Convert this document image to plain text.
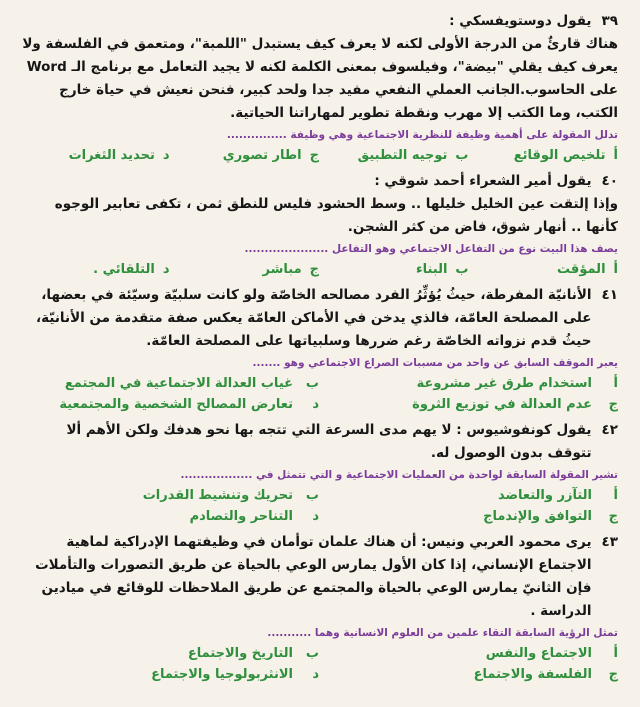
٣٩
يقول دوستويفسكي :
هناك قارئٌ من الدرجة الأولى لكنه لا يعرف كيف يستبدل "اللمبة"، ومتعمق في الفلسفة ولا يعرف كيف يقلي "بيضة"، وفيلسوف بمعنى الكلمة لكنه لا يجيد التعامل مع برنامج الـ Word على الحاسوب.الجانب العملي النفعي مفيد جدا ولحد كبير، فنحن نعيش في حياة خارج الكتب، وما الكتب إلا مهرب ونقطة تطوير لمهاراتنا الحياتية.
تدلل المقولة على أهمية وظيفة للنظرية الاجتماعية وهي وظيفة ...............
أ
تلخيص الوقائع
ب
توجيه التطبيق
ج
اطار تصوري
د
تحديد الثغرات
٤٠
يقول أمير الشعراء أحمد شوقي :
وإذا إلتقت عين الخليل خليلها .. وسط الحشود فليس للنطق ثمن ، تكفى تعابير الوجوه كأنها .. أنهار شوق، فاض من كثر الشجن.
يصف هذا البيت نوع من التفاعل الاجتماعي وهو التفاعل .....................
أ
المؤقت
ب
البناء
ج
مباشر
د
التلقائي .
٤١
الأنانيّة المفرطة، حيثُ يُؤثِّرُ الفرد مصالحه الخاصّة ولو كانت سلبيّة وسيّئة في بعضها، على المصلحة العامّة، فالذي يدخن في الأماكن العامّة يعكس صفة متقدمة من الأنانيّة، حيثُ قدم نزواته الخاصّة رغم ضررها وسلبياتها على المصلحة العامّة.
يعبر الموقف السابق عن واحد من مسببات الصراع الاجتماعي وهو .......
أ
استخدام طرق غير مشروعة
ب
غياب العدالة الاجتماعية في المجتمع
ج
عدم العدالة في توزيع الثروة
د
تعارض المصالح الشخصية والمجتمعية
٤٢
يقول كونفوشيوس : لا يهم مدى السرعة التي تتجه بها نحو هدفك ولكن الأهم ألا تتوقف بدون الوصول له.
تشير المقولة السابقة لواحدة من العمليات الاجتماعية و التي تتمثل في ..................
أ
التآزر والتعاضد
ب
تحريك وتنشيط القدرات
ج
التوافق والإندماج
د
التناحر والتصادم
٤٣
يرى محمود العربي ونيس: أن هناك علمان توأمان في وظيفتهما الإدراكية لماهية الاجتماع الإنساني، إذا كان الأول يمارس الوعي بالحياة عن طريق التصورات والتأملات فإن الثانيّ يمارس الوعي بالحياة والمجتمع عن طريق الملاحظات للوقائع في ميادين الدراسة .
تمثل الرؤية السابقة التقاء علمين من العلوم الانسانية وهما ...........
أ
الاجتماع والنفس
ب
التاريخ والاجتماع
ج
الفلسفة والاجتماع
د
الانثربولوجيا والاجتماع
